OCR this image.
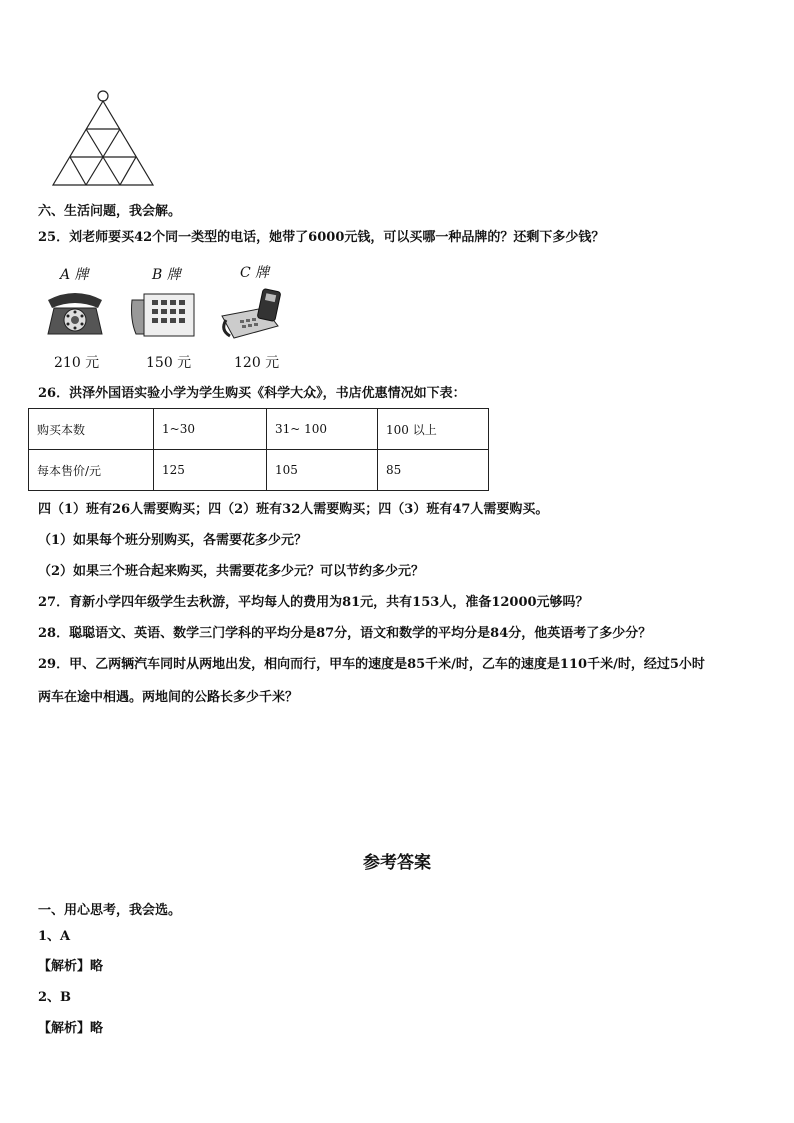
六、生活问题，我会解。
25．刘老师要买42个同一类型的电话，她带了6000元钱，可以买哪一种品牌的？还剩下多少钱？
A 牌
210 元
B 牌
150 元
C 牌
120 元
26．洪泽外国语实验小学为学生购买《科学大众》，书店优惠情况如下表：
购买本数	1~30	31~ 100	100 以上
每本售价/元	125	105	85
四（1）班有26人需要购买；四（2）班有32人需要购买；四（3）班有47人需要购买。
（1）如果每个班分别购买，各需要花多少元？
（2）如果三个班合起来购买，共需要花多少元？可以节约多少元？
27．育新小学四年级学生去秋游，平均每人的费用为81元，共有153人，准备12000元够吗？
28．聪聪语文、英语、数学三门学科的平均分是87分，语文和数学的平均分是84分，他英语考了多少分？
29．甲、乙两辆汽车同时从两地出发，相向而行，甲车的速度是85千米/时，乙车的速度是110千米/时，经过5小时
两车在途中相遇。两地间的公路长多少千米？
参考答案
一、用心思考，我会选。
1、A
【解析】略
2、B
【解析】略
